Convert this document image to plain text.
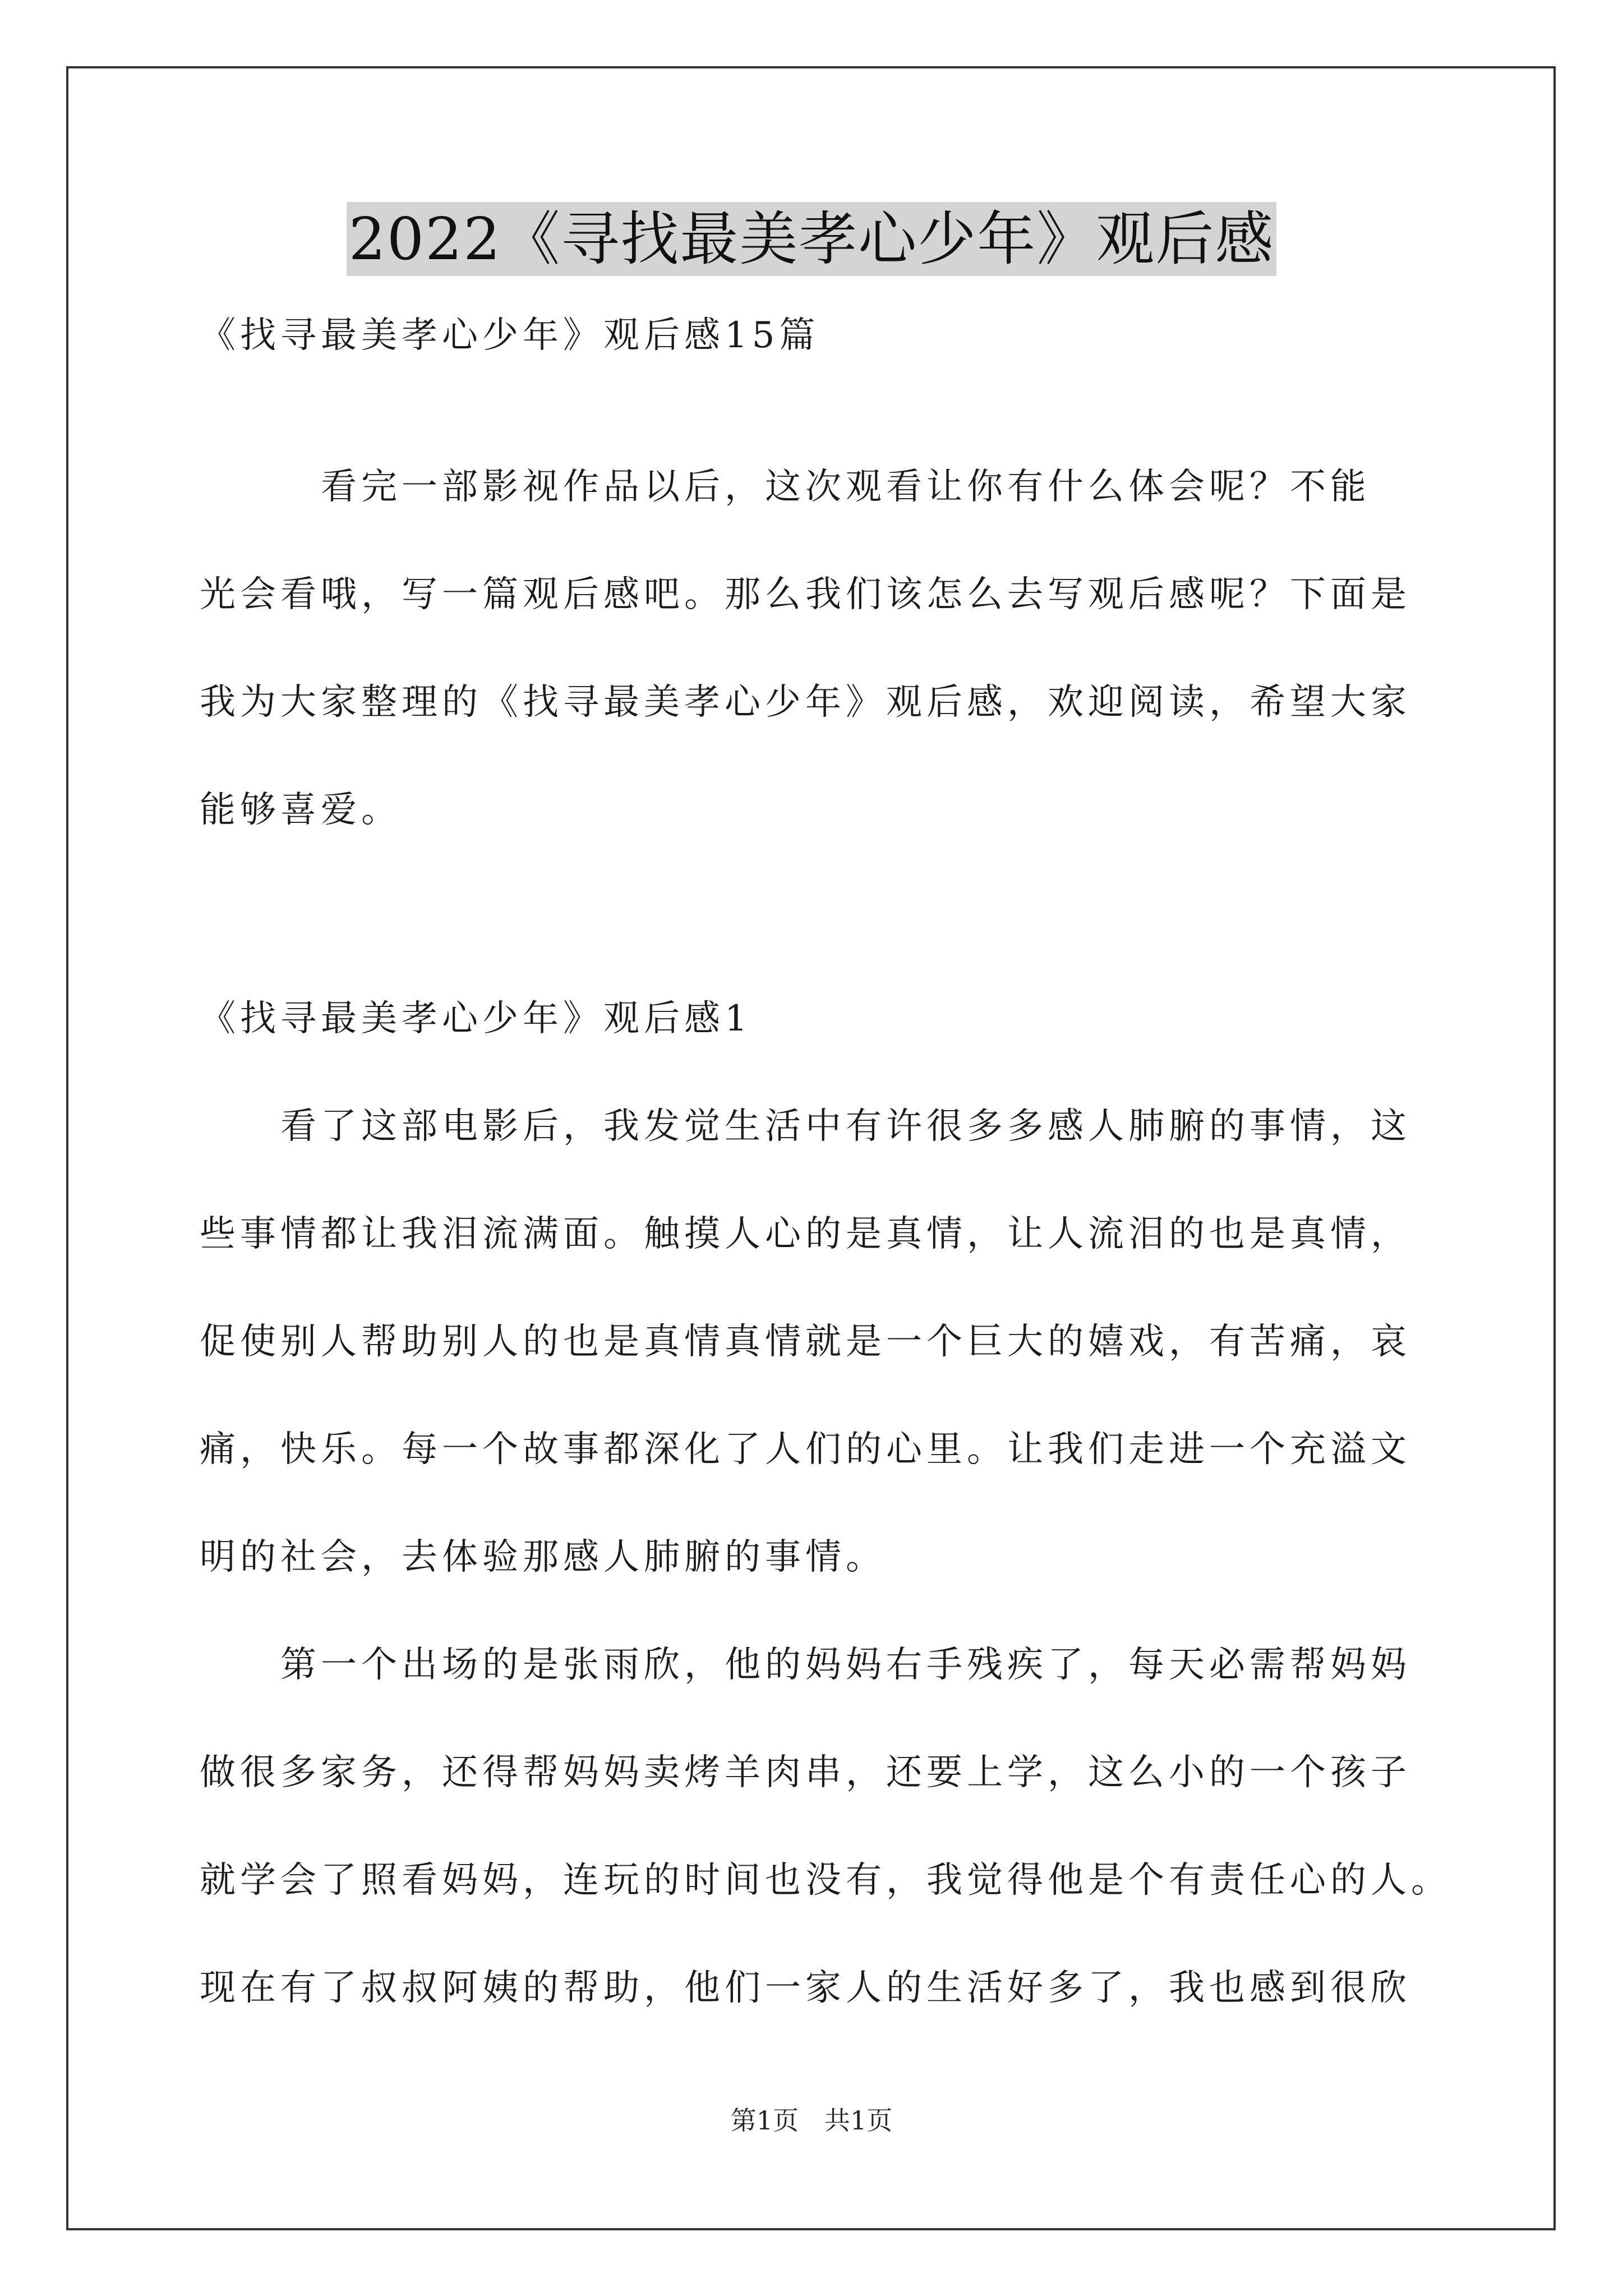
2022《寻找最美孝心少年》观后感
《找寻最美孝心少年》观后感15篇
　　　看完一部影视作品以后，这次观看让你有什么体会呢？不能
光会看哦，写一篇观后感吧。那么我们该怎么去写观后感呢？下面是
我为大家整理的《找寻最美孝心少年》观后感，欢迎阅读，希望大家
能够喜爱。
《找寻最美孝心少年》观后感1
　　看了这部电影后，我发觉生活中有许很多多感人肺腑的事情，这
些事情都让我泪流满面。触摸人心的是真情，让人流泪的也是真情，
促使别人帮助别人的也是真情真情就是一个巨大的嬉戏，有苦痛，哀
痛，快乐。每一个故事都深化了人们的心里。让我们走进一个充溢文
明的社会，去体验那感人肺腑的事情。
　　第一个出场的是张雨欣，他的妈妈右手残疾了，每天必需帮妈妈
做很多家务，还得帮妈妈卖烤羊肉串，还要上学，这么小的一个孩子
就学会了照看妈妈，连玩的时间也没有，我觉得他是个有责任心的人。
现在有了叔叔阿姨的帮助，他们一家人的生活好多了，我也感到很欣
第1页　共1页
